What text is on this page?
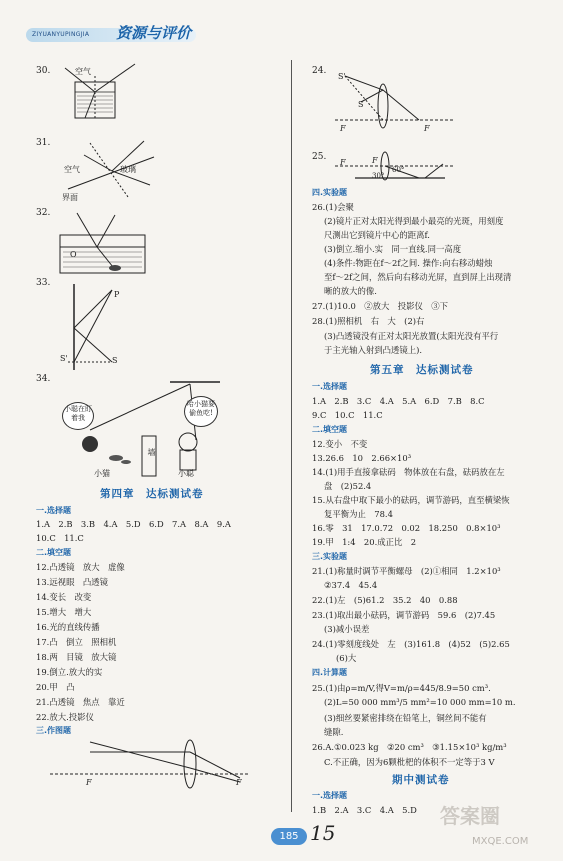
ZIYUANYUPINGJIA 资源与评价
30.	空气
31.
空气	玻璃
界面
32.
O
33.
P
S'	S
34.
小聪在盯着我
哈小猫要偷鱼吃!
墙
小猫	小聪
第四章　达标测试卷
一.选择题
1.A　2.B　3.B　4.A　5.D　6.D　7.A　8.A　9.A
10.C　11.C
二.填空题
12.凸透镜　放大　虚像
13.远视眼　凸透镜
14.变长　改变
15.增大　增大
16.光的直线传播
17.凸　倒立　照相机
18.两　目镜　放大镜
19.倒立.放大的实
20.甲　凸
21.凸透镜　焦点　靠近
22.放大.投影仪
三.作图题
F	F
24.
S'
S
F	F
25.
F	F
30°
60°
四.实验题
26.(1)会聚
(2)镜片正对太阳光得到最小最亮的光斑，用刻度
尺测出它到镜片中心的距离f.
(3)倒立.缩小.实　同一直线.同一高度
(4)条件:物距在f～2f之间. 操作:向右移动蜡烛
至f～2f之间，然后向右移动光屏，直到屏上出现清
晰的放大的像.
27.(1)10.0　②放大　投影仪　③下
28.(1)照相机　右　大　(2)右
(3)凸透镜没有正对太阳光放置(太阳光没有平行
于主光轴入射到凸透镜上).
第五章　达标测试卷
一.选择题
1.A　2.B　3.C　4.A　5.A　6.D　7.B　8.C
9.C　10.C　11.C
二.填空题
12.变小　不变
13.26.6　10　2.66×10³
14.(1)用手直接拿砝码　物体放在右盘，砝码放在左
盘　(2)52.4
15.从右盘中取下最小的砝码，调节游码，直至横梁恢
复平衡为止　78.4
16.零　31　17.0.72　0.02　18.250　0.8×10³
19.甲　1:4　20.成正比　2
三.实验题
21.(1)称量时调节平衡螺母　(2)①相同　1.2×10³
②37.4　45.4
22.(1)左　(5)61.2　35.2　40　0.88
23.(1)取出最小砝码，调节游码　59.6　(2)7.45
(3)减小误差
24.(1)零刻度线处　左　(3)161.8　(4)52　(5)2.65
(6)大
四.计算题
25.(1)由ρ=m/V,得V=m/ρ=445/8.9=50 cm³.
(2)L=50 000 mm³/5 mm²=10 000 mm=10 m.
(3)细丝要紧密排绕在铅笔上，铜丝间不能有
缝隙.
26.A.①0.023 kg　②20 cm³　③1.15×10³ kg/m³
C.不正确，因为6颗枇杷的体积不一定等于3 V
期中测试卷
一.选择题
1.B　2.A　3.C　4.A　5.D
185 15
答案圈
MXQE.COM
